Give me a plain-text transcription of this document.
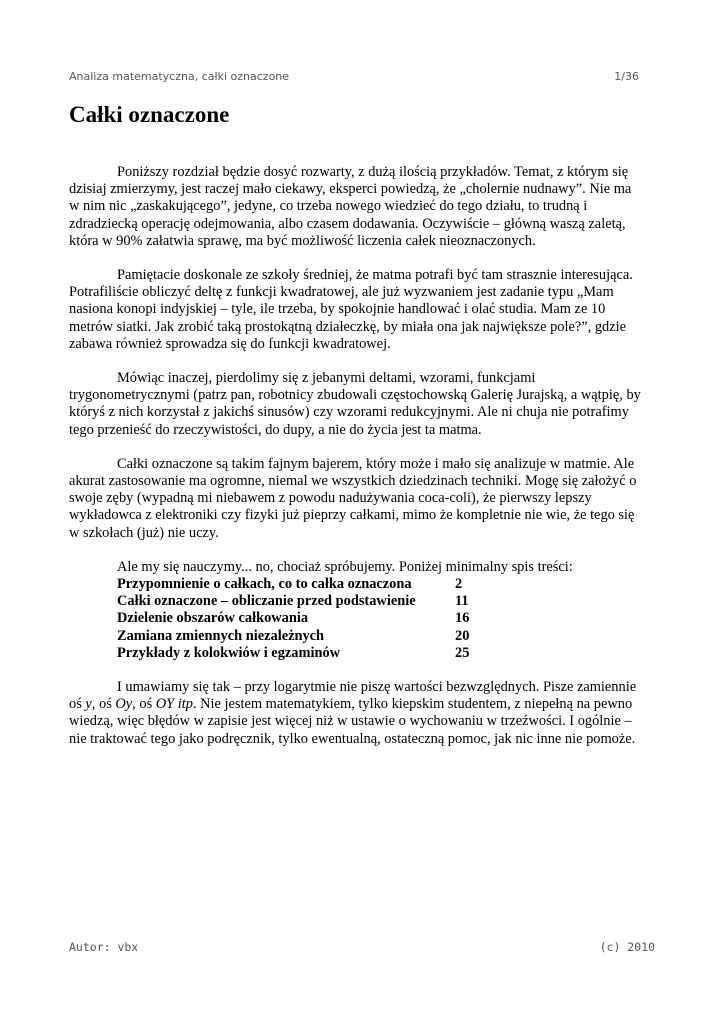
Analiza matematyczna, całki oznaczone	1/36
Całki oznaczone

Poniższy rozdział będzie dosyć rozwarty, z dużą ilością przykładów. Temat, z którym się dzisiaj zmierzymy, jest raczej mało ciekawy, eksperci powiedzą, że „cholernie nudnawy”. Nie ma w nim nic „zaskakującego”, jedyne, co trzeba nowego wiedzieć do tego działu, to trudną i zdradziecką operację odejmowania, albo czasem dodawania. Oczywiście – główną waszą zaletą, która w 90% załatwia sprawę, ma być możliwość liczenia całek nieoznaczonych.

Pamiętacie doskonale ze szkoły średniej, że matma potrafi być tam strasznie interesująca. Potrafiliście obliczyć deltę z funkcji kwadratowej, ale już wyzwaniem jest zadanie typu „Mam nasiona konopi indyjskiej – tyle, ile trzeba, by spokojnie handlować i olać studia. Mam ze 10 metrów siatki. Jak zrobić taką prostokątną działeczkę, by miała ona jak największe pole?”, gdzie zabawa również sprowadza się do funkcji kwadratowej.

Mówiąc inaczej, pierdolimy się z jebanymi deltami, wzorami, funkcjami trygonometrycznymi (patrz pan, robotnicy zbudowali częstochowską Galerię Jurajską, a wątpię, by któryś z nich korzystał z jakichś sinusów) czy wzorami redukcyjnymi. Ale ni chuja nie potrafimy tego przenieść do rzeczywistości, do dupy, a nie do życia jest ta matma.

Całki oznaczone są takim fajnym bajerem, który może i mało się analizuje w matmie. Ale akurat zastosowanie ma ogromne, niemal we wszystkich dziedzinach techniki. Mogę się założyć o swoje zęby (wypadną mi niebawem z powodu nadużywania coca-coli), że pierwszy lepszy wykładowca z elektroniki czy fizyki już pieprzy całkami, mimo że kompletnie nie wie, że tego się w szkołach (już) nie uczy.

Ale my się nauczymy... no, chociaż spróbujemy. Poniżej minimalny spis treści:

Przypomnienie o całkach, co to całka oznaczona	2
Całki oznaczone – obliczanie przed podstawienie	11
Dzielenie obszarów całkowania	16
Zamiana zmiennych niezależnych	20
Przykłady z kolokwiów i egzaminów	25

I umawiamy się tak – przy logarytmie nie piszę wartości bezwzględnych. Pisze zamiennie oś y, oś Oy, oś OY itp. Nie jestem matematykiem, tylko kiepskim studentem, z niepełną na pewno wiedzą, więc błędów w zapisie jest więcej niż w ustawie o wychowaniu w trzeźwości. I ogólnie – nie traktować tego jako podręcznik, tylko ewentualną, ostateczną pomoc, jak nic inne nie pomoże.

Autor: vbx	(c) 2010
